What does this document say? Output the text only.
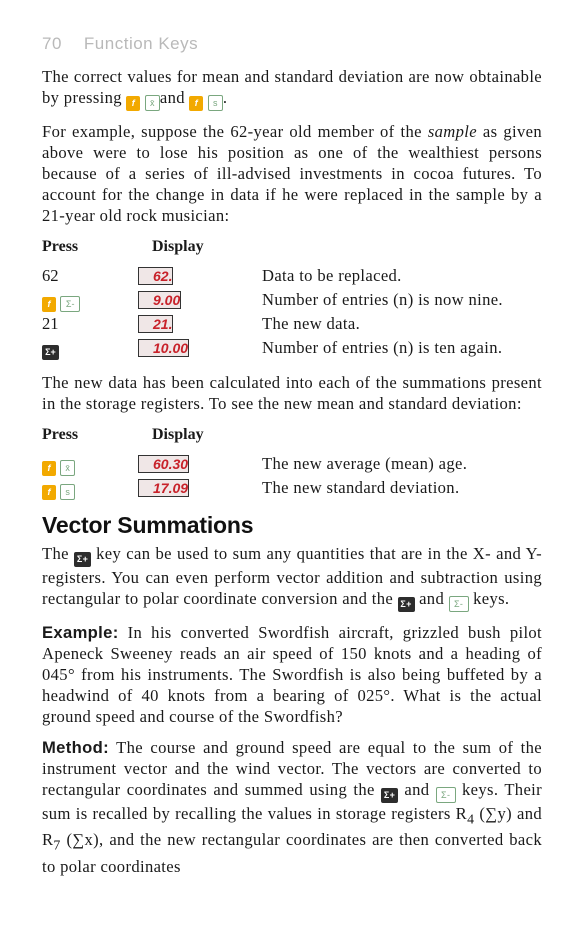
70 Function Keys

The correct values for mean and standard deviation are now obtainable by pressing f x̄ and f s .

For example, suppose the 62-year old member of the sample as given above were to lose his position as one of the wealthiest persons because of a series of ill-advised investments in cocoa futures. To account for the change in data if he were replaced in the sample by a 21-year old rock musician:

Press	Display
62	62.	Data to be replaced.
f Σ-	9.00	Number of entries (n) is now nine.
21	21.	The new data.
Σ+	10.00	Number of entries (n) is ten again.

The new data has been calculated into each of the summations present in the storage registers. To see the new mean and standard deviation:

Press	Display
f x̄	60.30	The new average (mean) age.
f s	17.09	The new standard deviation.
Vector Summations

The Σ+ key can be used to sum any quantities that are in the X- and Y-registers. You can even perform vector addition and subtraction using rectangular to polar coordinate conversion and the Σ+ and Σ- keys.

Example: In his converted Swordfish aircraft, grizzled bush pilot Apeneck Sweeney reads an air speed of 150 knots and a heading of 045° from his instruments. The Swordfish is also being buffeted by a headwind of 40 knots from a bearing of 025°. What is the actual ground speed and course of the Swordfish?

Method: The course and ground speed are equal to the sum of the instrument vector and the wind vector. The vectors are converted to rectangular coordinates and summed using the Σ+ and Σ- keys. Their sum is recalled by recalling the values in storage registers $R_4$ (∑y) and $R_7$ (∑x), and the new rectangular coordinates are then converted back to polar coordinates
